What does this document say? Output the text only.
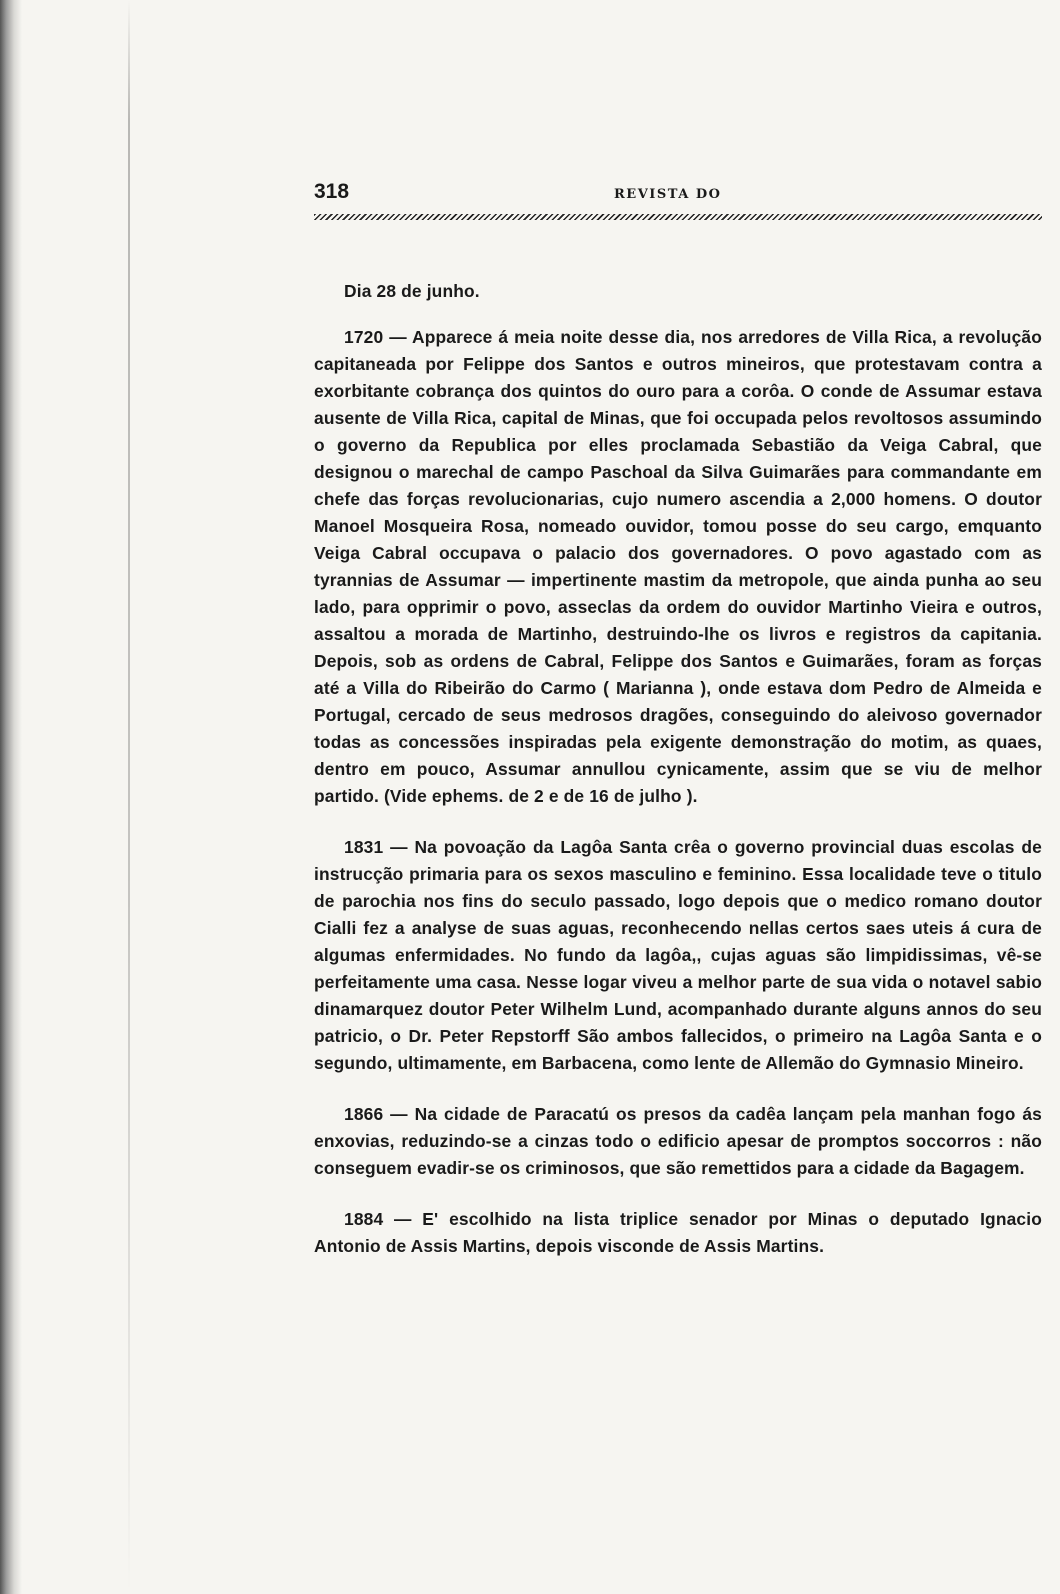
318	REVISTA DO

Dia 28 de junho.

1720 — Apparece á meia noite desse dia, nos arredores de Villa Rica, a revolução capitaneada por Felippe dos Santos e outros mineiros, que protestavam contra a exorbitante cobrança dos quintos do ouro para a corôa. O conde de Assumar estava ausente de Villa Rica, capital de Minas, que foi occupada pelos revoltosos assumindo o governo da Republica por elles proclamada Sebastião da Veiga Cabral, que designou o marechal de campo Paschoal da Silva Guimarães para commandante em chefe das forças revolucionarias, cujo numero ascendia a 2,000 homens. O doutor Manoel Mosqueira Rosa, nomeado ouvidor, tomou posse do seu cargo, emquanto Veiga Cabral occupava o palacio dos governadores. O povo agastado com as tyrannias de Assumar — impertinente mastim da metropole, que ainda punha ao seu lado, para opprimir o povo, asseclas da ordem do ouvidor Martinho Vieira e outros, assaltou a morada de Martinho, destruindo-lhe os livros e registros da capitania. Depois, sob as ordens de Cabral, Felippe dos Santos e Guimarães, foram as forças até a Villa do Ribeirão do Carmo ( Marianna ), onde estava dom Pedro de Almeida e Portugal, cercado de seus medrosos dragões, conseguindo do aleivoso governador todas as concessões inspiradas pela exigente demonstração do motim, as quaes, dentro em pouco, Assumar annullou cynicamente, assim que se viu de melhor partido. (Vide ephems. de 2 e de 16 de julho ).

1831 — Na povoação da Lagôa Santa crêa o governo provincial duas escolas de instrucção primaria para os sexos masculino e feminino. Essa localidade teve o titulo de parochia nos fins do seculo passado, logo depois que o medico romano doutor Cialli fez a analyse de suas aguas, reconhecendo nellas certos saes uteis á cura de algumas enfermidades. No fundo da lagôa,, cujas aguas são limpidissimas, vê-se perfeitamente uma casa. Nesse logar viveu a melhor parte de sua vida o notavel sabio dinamarquez doutor Peter Wilhelm Lund, acompanhado durante alguns annos do seu patricio, o Dr. Peter Repstorff São ambos fallecidos, o primeiro na Lagôa Santa e o segundo, ultimamente, em Barbacena, como lente de Allemão do Gymnasio Mineiro.

1866 — Na cidade de Paracatú os presos da cadêa lançam pela manhan fogo ás enxovias, reduzindo-se a cinzas todo o edificio apesar de promptos soccorros : não conseguem evadir-se os criminosos, que são remettidos para a cidade da Bagagem.

1884 — E' escolhido na lista triplice senador por Minas o deputado Ignacio Antonio de Assis Martins, depois visconde de Assis Martins.
